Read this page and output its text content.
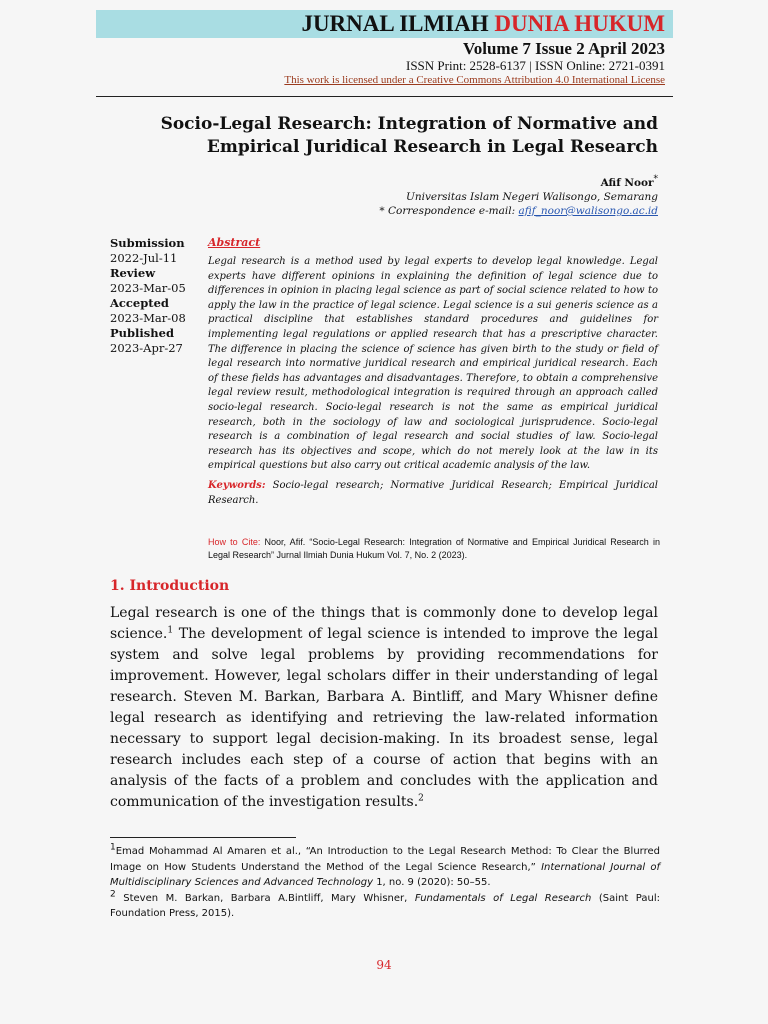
JURNAL ILMIAH DUNIA HUKUM
Volume 7 Issue 2 April 2023
ISSN Print: 2528-6137 | ISSN Online: 2721-0391
This work is licensed under a Creative Commons Attribution 4.0 International License
Socio-Legal Research: Integration of Normative and
Empirical Juridical Research in Legal Research
Afif Noor*
Universitas Islam Negeri Walisongo, Semarang
* Correspondence e-mail: afif_noor@walisongo.ac.id
Submission
2022-Jul-11
Review
2023-Mar-05
Accepted
2023-Mar-08
Published
2023-Apr-27
Abstract
Legal research is a method used by legal experts to develop legal knowledge. Legal experts have different opinions in explaining the definition of legal science due to differences in opinion in placing legal science as part of social science related to how to apply the law in the practice of legal science. Legal science is a sui generis science as a practical discipline that establishes standard procedures and guidelines for implementing legal regulations or applied research that has a prescriptive character. The difference in placing the science of science has given birth to the study or field of legal research into normative juridical research and empirical juridical research. Each of these fields has advantages and disadvantages. Therefore, to obtain a comprehensive legal review result, methodological integration is required through an approach called socio-legal research. Socio-legal research is not the same as empirical juridical research, both in the sociology of law and sociological jurisprudence. Socio-legal research is a combination of legal research and social studies of law. Socio-legal research has its objectives and scope, which do not merely look at the law in its empirical questions but also carry out critical academic analysis of the law.
Keywords: Socio-legal research; Normative Juridical Research; Empirical Juridical Research.
How to Cite: Noor, Afif. “Socio-Legal Research: Integration of Normative and Empirical Juridical Research in Legal Research” Jurnal Ilmiah Dunia Hukum Vol. 7, No. 2 (2023).
1. Introduction
Legal research is one of the things that is commonly done to develop legal science.$^1$ The development of legal science is intended to improve the legal system and solve legal problems by providing recommendations for improvement. However, legal scholars differ in their understanding of legal research. Steven M. Barkan, Barbara A. Bintliff, and Mary Whisner define legal research as identifying and retrieving the law-related information necessary to support legal decision-making. In its broadest sense, legal research includes each step of a course of action that begins with an analysis of the facts of a problem and concludes with the application and communication of the investigation results.$^2$
$^1$Emad Mohammad Al Amaren et al., “An Introduction to the Legal Research Method: To Clear the Blurred Image on How Students Understand the Method of the Legal Science Research,” International Journal of Multidisciplinary Sciences and Advanced Technology 1, no. 9 (2020): 50–55.
$^2$ Steven M. Barkan, Barbara A.Bintliff, Mary Whisner, Fundamentals of Legal Research (Saint Paul: Foundation Press, 2015).
94
